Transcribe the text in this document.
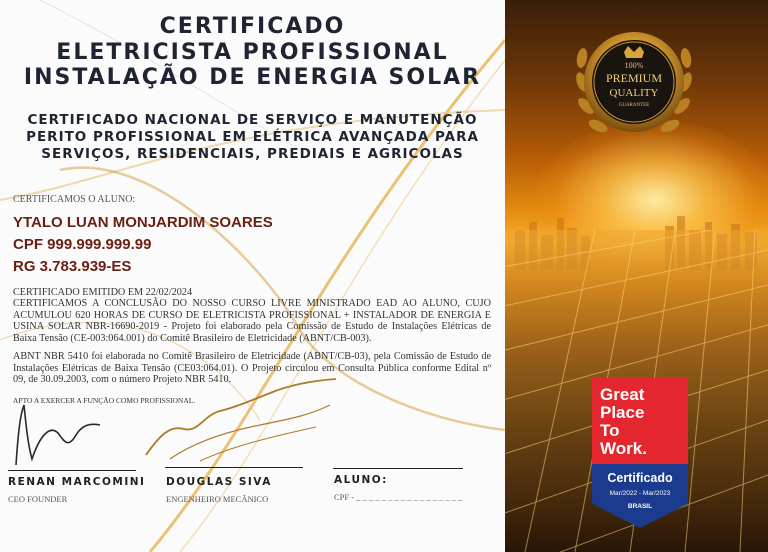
CERTIFICADO
ELETRICISTA PROFISSIONAL
INSTALAÇÃO DE ENERGIA SOLAR
CERTIFICADO NACIONAL DE SERVIÇO E MANUTENÇÃO
PERITO PROFISSIONAL EM ELÉTRICA AVANÇADA PARA
SERVIÇOS, RESIDENCIAIS, PREDIAIS E AGRICOLAS
CERTIFICAMOS O ALUNO:
YTALO LUAN MONJARDIM SOARES
CPF 999.999.999.99
RG 3.783.939-ES
CERTIFICADO EMITIDO EM 22/02/2024
CERTIFICAMOS A CONCLUSÃO DO NOSSO CURSO LIVRE MINISTRADO EAD AO ALUNO, CUJO ACUMULOU 620 HORAS DE CURSO DE ELETRICISTA PROFISSIONAL + INSTALADOR DE ENERGIA E USINA SOLAR NBR-16690-2019 - Projeto foi elaborado pela Comissão de Estudo de Instalações Elétricas de Baixa Tensão (CE-003:064.001) do Comitê Brasileiro de Eletricidade (ABNT/CB-003).
ABNT NBR 5410 foi elaborada no Comitê Brasileiro de Eletricidade (ABNT/CB-03), pela Comissão de Estudo de Instalações Elétricas de Baixa Tensão (CE03:064.01). O Projeto circulou em Consulta Pública conforme Edital nº 09, de 30.09.2003, com o número Projeto NBR 5410.
APTO A EXERCER A FUNÇÃO COMO PROFISSIONAL.
RENAN MARCOMINI
CEO FOUNDER
DOUGLAS SIVA
ENGENHEIRO MECÂNICO
ALUNO:
CPF - _ _ _ _ _ _ _ _ _ _ _ _ _ _ _ _ _
100%
PREMIUM
QUALITY
GUARANTEE
Great
Place
To
Work.
Certificado
Mar/2022 - Mar/2023
BRASIL
